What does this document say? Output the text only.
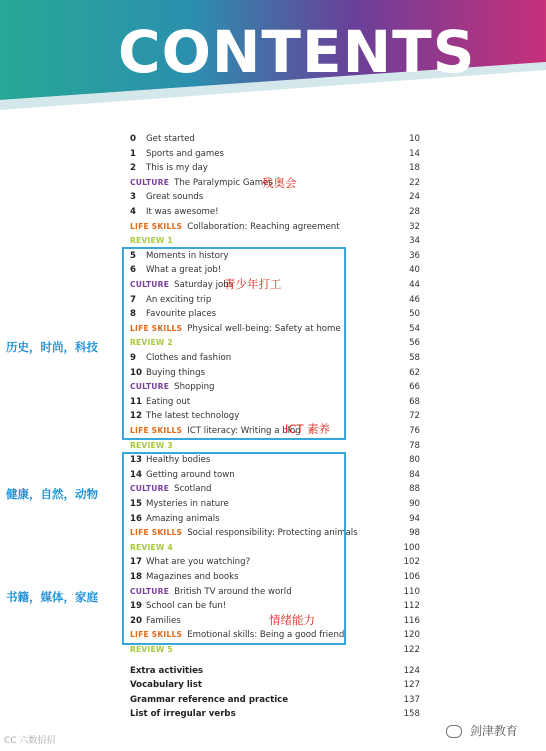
CONTENTS
0 Get started	10
1 Sports and games	14
2 This is my day	18
CULTURE The Paralympic Games	22
3 Great sounds	24
4 It was awesome!	28
LIFE SKILLS Collaboration: Reaching agreement	32
REVIEW 1	34
5 Moments in history	36
6 What a great job!	40
CULTURE Saturday jobs	44
7 An exciting trip	46
8 Favourite places	50
LIFE SKILLS Physical well-being: Safety at home	54
REVIEW 2	56
9 Clothes and fashion	58
10 Buying things	62
CULTURE Shopping	66
11 Eating out	68
12 The latest technology	72
LIFE SKILLS ICT literacy: Writing a blog	76
REVIEW 3	78
13 Healthy bodies	80
14 Getting around town	84
CULTURE Scotland	88
15 Mysteries in nature	90
16 Amazing animals	94
LIFE SKILLS Social responsibility: Protecting animals	98
REVIEW 4	100
17 What are you watching?	102
18 Magazines and books	106
CULTURE British TV around the world	110
19 School can be fun!	112
20 Families	116
LIFE SKILLS Emotional skills: Being a good friend	120
REVIEW 5	122
Extra activities	124
Vocabulary list	127
Grammar reference and practice	137
List of irregular verbs	158
残奥会
青少年打工
ICT 素养
情绪能力
历史，时尚，科技
健康，自然，动物
书籍，媒体，家庭
CC 六数招招
剑津教育
